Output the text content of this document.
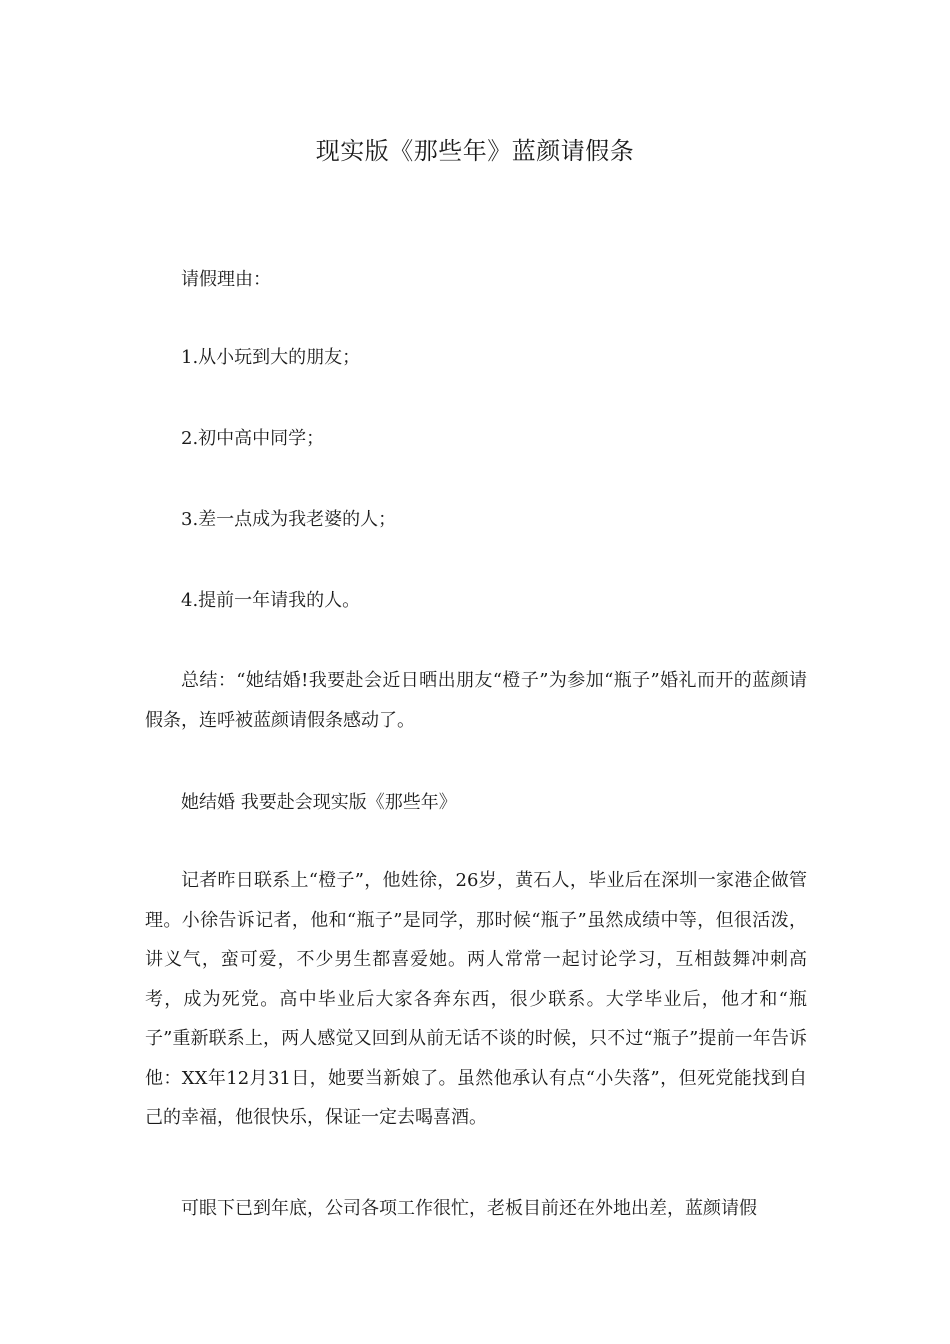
现实版《那些年》蓝颜请假条

请假理由：

1.从小玩到大的朋友；

2.初中高中同学；

3.差一点成为我老婆的人；

4.提前一年请我的人。

总结：“她结婚!我要赴会近日晒出朋友“橙子”为参加“瓶子”婚礼而开的蓝颜请假条，连呼被蓝颜请假条感动了。

她结婚 我要赴会现实版《那些年》

记者昨日联系上“橙子”，他姓徐，26岁，黄石人，毕业后在深圳一家港企做管理。小徐告诉记者，他和“瓶子”是同学，那时候“瓶子”虽然成绩中等，但很活泼，讲义气，蛮可爱，不少男生都喜爱她。两人常常一起讨论学习，互相鼓舞冲刺高考，成为死党。高中毕业后大家各奔东西，很少联系。大学毕业后，他才和“瓶子”重新联系上，两人感觉又回到从前无话不谈的时候，只不过“瓶子”提前一年告诉他：XX年12月31日，她要当新娘了。虽然他承认有点“小失落”，但死党能找到自己的幸福，他很快乐，保证一定去喝喜酒。

可眼下已到年底，公司各项工作很忙，老板目前还在外地出差，蓝颜请假
